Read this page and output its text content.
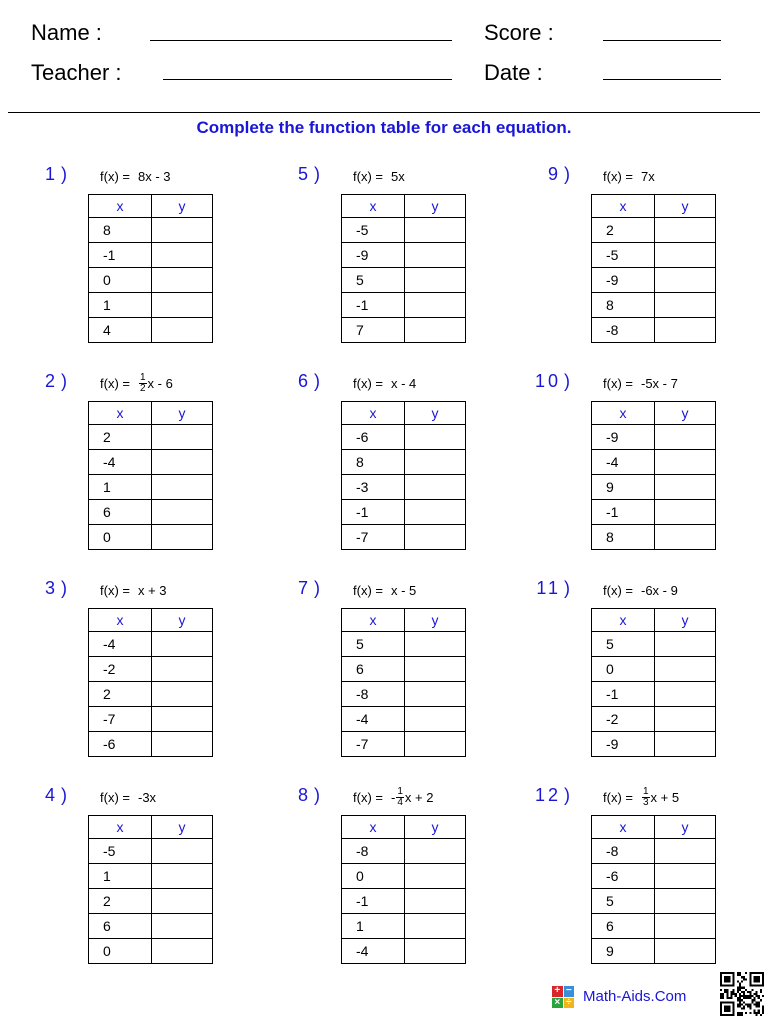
Name :
Teacher :
Score :
Date :
Complete the function table for each equation.
1 )	f(x) = 8x - 3
x	y
8	
-1	
0	
1	
4	
2 )	$f(x) = \frac{1}{2}$ x - 6
x	y
2	
-4	
1	
6	
0	
3 )	f(x) = x + 3
x	y
-4	
-2	
2	
-7	
-6	
4 )	f(x) = -3x
x	y
-5	
1	
2	
6	
0	
5 )	f(x) = 5x
x	y
-5	
-9	
5	
-1	
7	
6 )	f(x) = x - 4
x	y
-6	
8	
-3	
-1	
-7	
7 )	f(x) = x - 5
x	y
5	
6	
-8	
-4	
-7	
8 )	f(x) = - $\frac{1}{4}$ x + 2
x	y
-8	
0	
-1	
1	
-4	
9 )	f(x) = 7x
x	y
2	
-5	
-9	
8	
-8	
10 )	f(x) = -5x - 7
x	y
-9	
-4	
9	
-1	
8	
11 )	f(x) = -6x - 9
x	y
5	
0	
-1	
-2	
-9	
12 )	$f(x) = \frac{1}{3}$ x + 5
x	y
-8	
-6	
5	
6	
9	
+ −
× ÷ Math-Aids.Com
